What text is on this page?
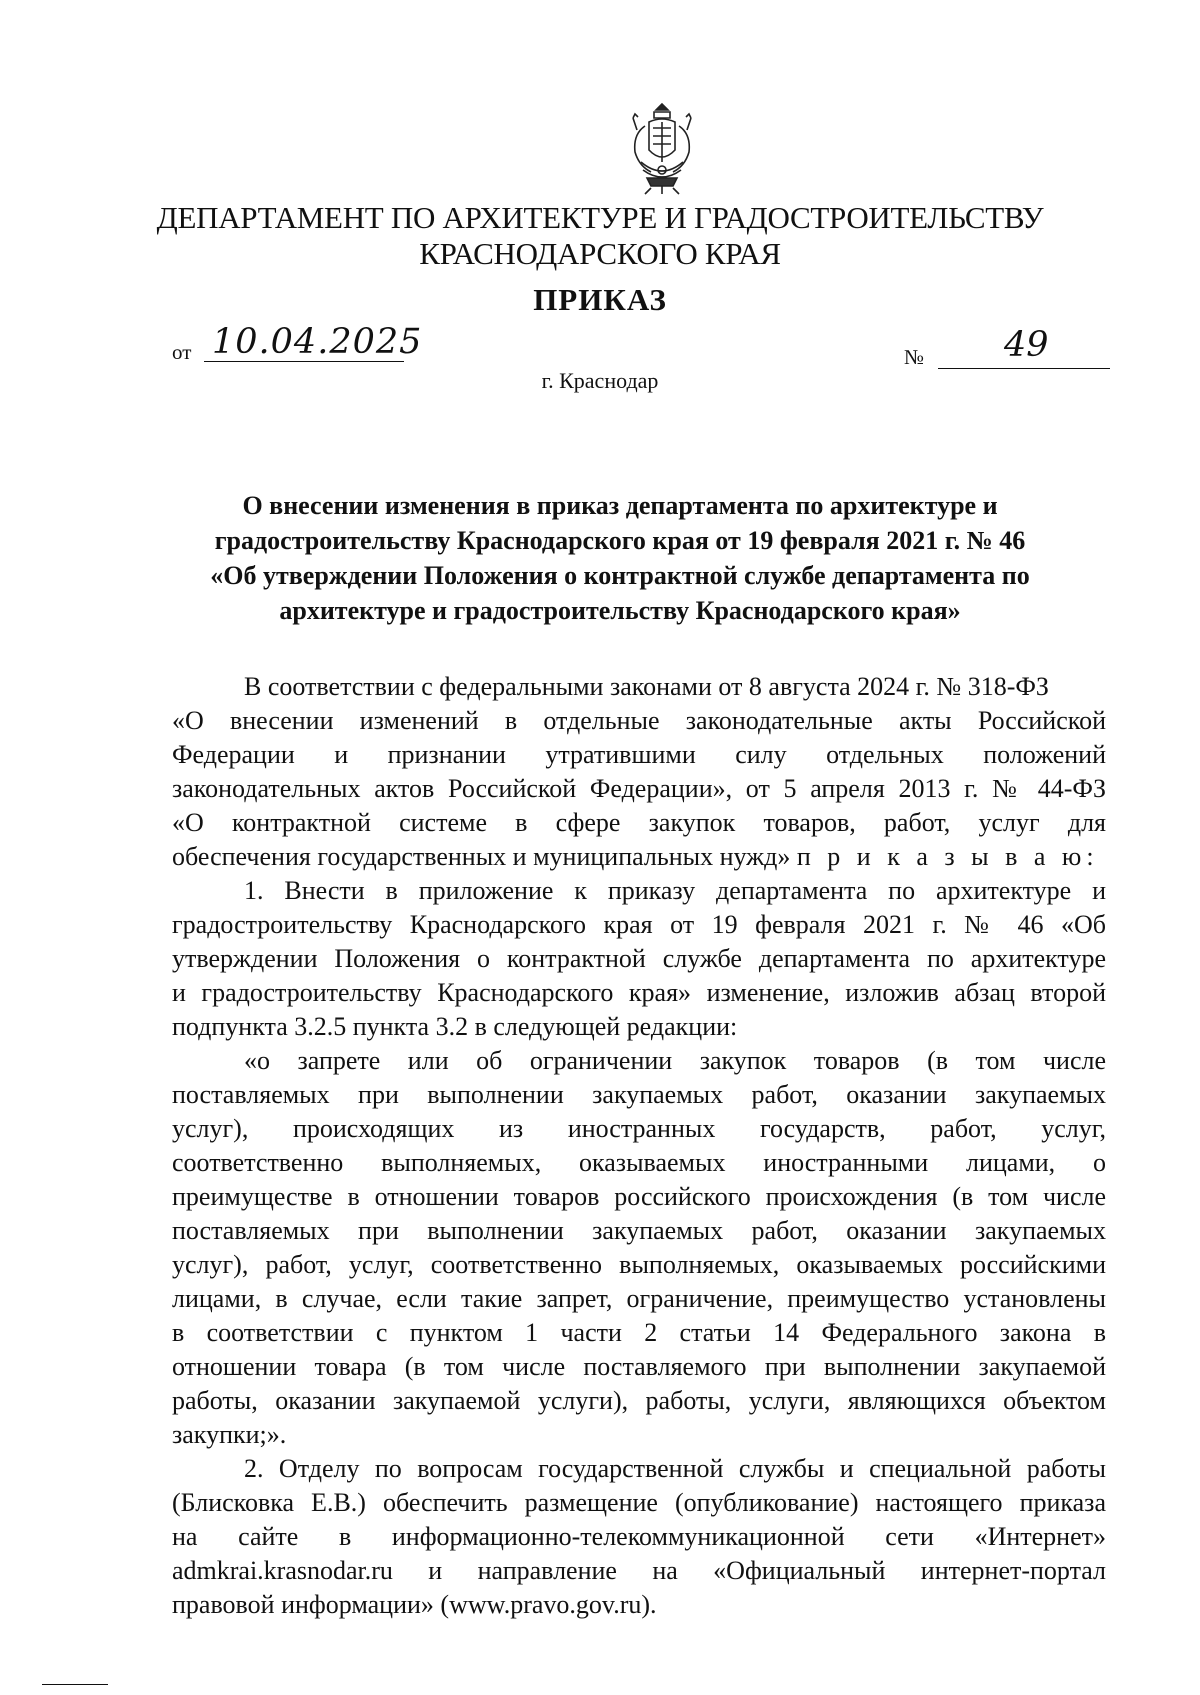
ДЕПАРТАМЕНТ ПО АРХИТЕКТУРЕ И ГРАДОСТРОИТЕЛЬСТВУ
КРАСНОДАРСКОГО КРАЯ
ПРИКАЗ
от 10.04.2025	№ 49
г. Краснодар
О внесении изменения в приказ департамента по архитектуре и
градостроительству Краснодарского края от 19 февраля 2021 г. № 46
«Об утверждении Положения о контрактной службе департамента по
архитектуре и градостроительству Краснодарского края»
В соответствии с федеральными законами от 8 августа 2024 г. № 318-ФЗ
«О внесении изменений в отдельные законодательные акты Российской
Федерации и признании утратившими силу отдельных положений
законодательных актов Российской Федерации», от 5 апреля 2013 г. № 44-ФЗ
«О контрактной системе в сфере закупок товаров, работ, услуг для
обеспечения государственных и муниципальных нужд» п р и к а з ы в а ю:
1. Внести в приложение к приказу департамента по архитектуре и
градостроительству Краснодарского края от 19 февраля 2021 г. № 46 «Об
утверждении Положения о контрактной службе департамента по архитектуре
и градостроительству Краснодарского края» изменение, изложив абзац второй
подпункта 3.2.5 пункта 3.2 в следующей редакции:
«о запрете или об ограничении закупок товаров (в том числе
поставляемых при выполнении закупаемых работ, оказании закупаемых
услуг), происходящих из иностранных государств, работ, услуг,
соответственно выполняемых, оказываемых иностранными лицами, о
преимуществе в отношении товаров российского происхождения (в том числе
поставляемых при выполнении закупаемых работ, оказании закупаемых
услуг), работ, услуг, соответственно выполняемых, оказываемых российскими
лицами, в случае, если такие запрет, ограничение, преимущество установлены
в соответствии с пунктом 1 части 2 статьи 14 Федерального закона в
отношении товара (в том числе поставляемого при выполнении закупаемой
работы, оказании закупаемой услуги), работы, услуги, являющихся объектом
закупки;».
2. Отделу по вопросам государственной службы и специальной работы
(Блисковка Е.В.) обеспечить размещение (опубликование) настоящего приказа
на сайте в информационно-телекоммуникационной сети «Интернет»
admkrai.krasnodar.ru и направление на «Официальный интернет-портал
правовой информации» (www.pravo.gov.ru).
